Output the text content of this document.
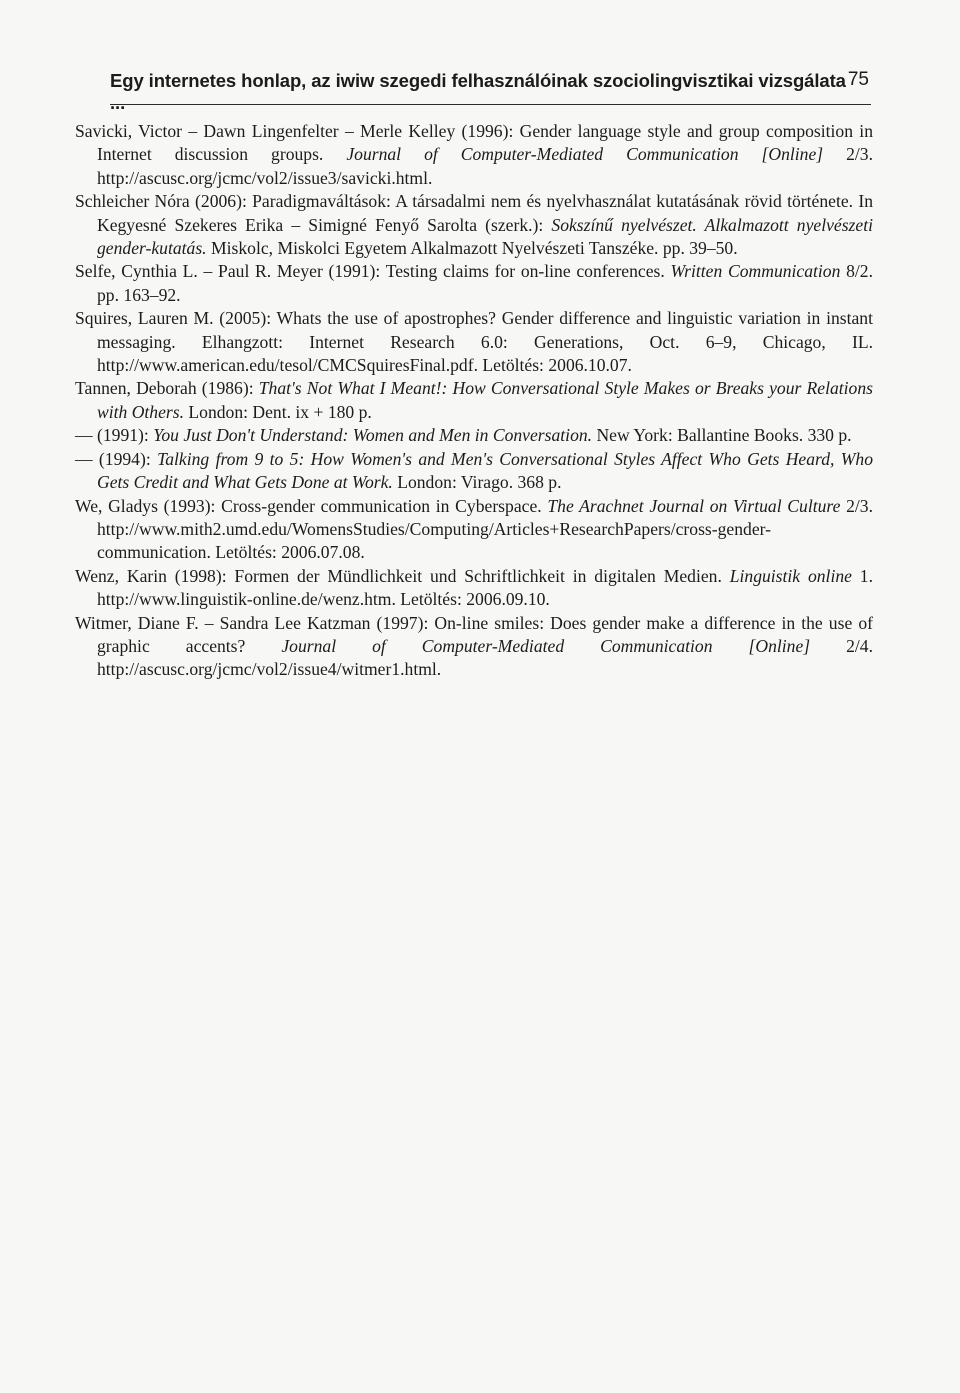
Egy internetes honlap, az iwiw szegedi felhasználóinak szociolingvisztikai vizsgálata ...
75

Savicki, Victor – Dawn Lingenfelter – Merle Kelley (1996): Gender language style and group composition in Internet discussion groups. Journal of Computer-Mediated Communication [Online] 2/3. http://ascusc.org/jcmc/vol2/issue3/savicki.html.

Schleicher Nóra (2006): Paradigmaváltások: A társadalmi nem és nyelvhasználat kutatásának rövid története. In Kegyesné Szekeres Erika – Simigné Fenyő Sarolta (szerk.): Sokszínű nyelvészet. Alkalmazott nyelvészeti gender-kutatás. Miskolc, Miskolci Egyetem Alkalmazott Nyelvészeti Tanszéke. pp. 39–50.

Selfe, Cynthia L. – Paul R. Meyer (1991): Testing claims for on-line conferences. Written Communication 8/2. pp. 163–92.

Squires, Lauren M. (2005): Whats the use of apostrophes? Gender difference and linguistic variation in instant messaging. Elhangzott: Internet Research 6.0: Generations, Oct. 6–9, Chicago, IL. http://www.american.edu/tesol/CMCSquiresFinal.pdf. Letöltés: 2006.10.07.

Tannen, Deborah (1986): That's Not What I Meant!: How Conversational Style Makes or Breaks your Relations with Others. London: Dent. ix + 180 p.

— (1991): You Just Don't Understand: Women and Men in Conversation. New York: Ballantine Books. 330 p.

— (1994): Talking from 9 to 5: How Women's and Men's Conversational Styles Affect Who Gets Heard, Who Gets Credit and What Gets Done at Work. London: Virago. 368 p.

We, Gladys (1993): Cross-gender communication in Cyberspace. The Arachnet Journal on Virtual Culture 2/3. http://www.mith2.umd.edu/WomensStudies/Computing/Articles+ResearchPapers/cross-gender-communication. Letöltés: 2006.07.08.

Wenz, Karin (1998): Formen der Mündlichkeit und Schriftlichkeit in digitalen Medien. Linguistik online 1. http://www.linguistik-online.de/wenz.htm. Letöltés: 2006.09.10.

Witmer, Diane F. – Sandra Lee Katzman (1997): On-line smiles: Does gender make a difference in the use of graphic accents? Journal of Computer-Mediated Communication [Online] 2/4. http://ascusc.org/jcmc/vol2/issue4/witmer1.html.
